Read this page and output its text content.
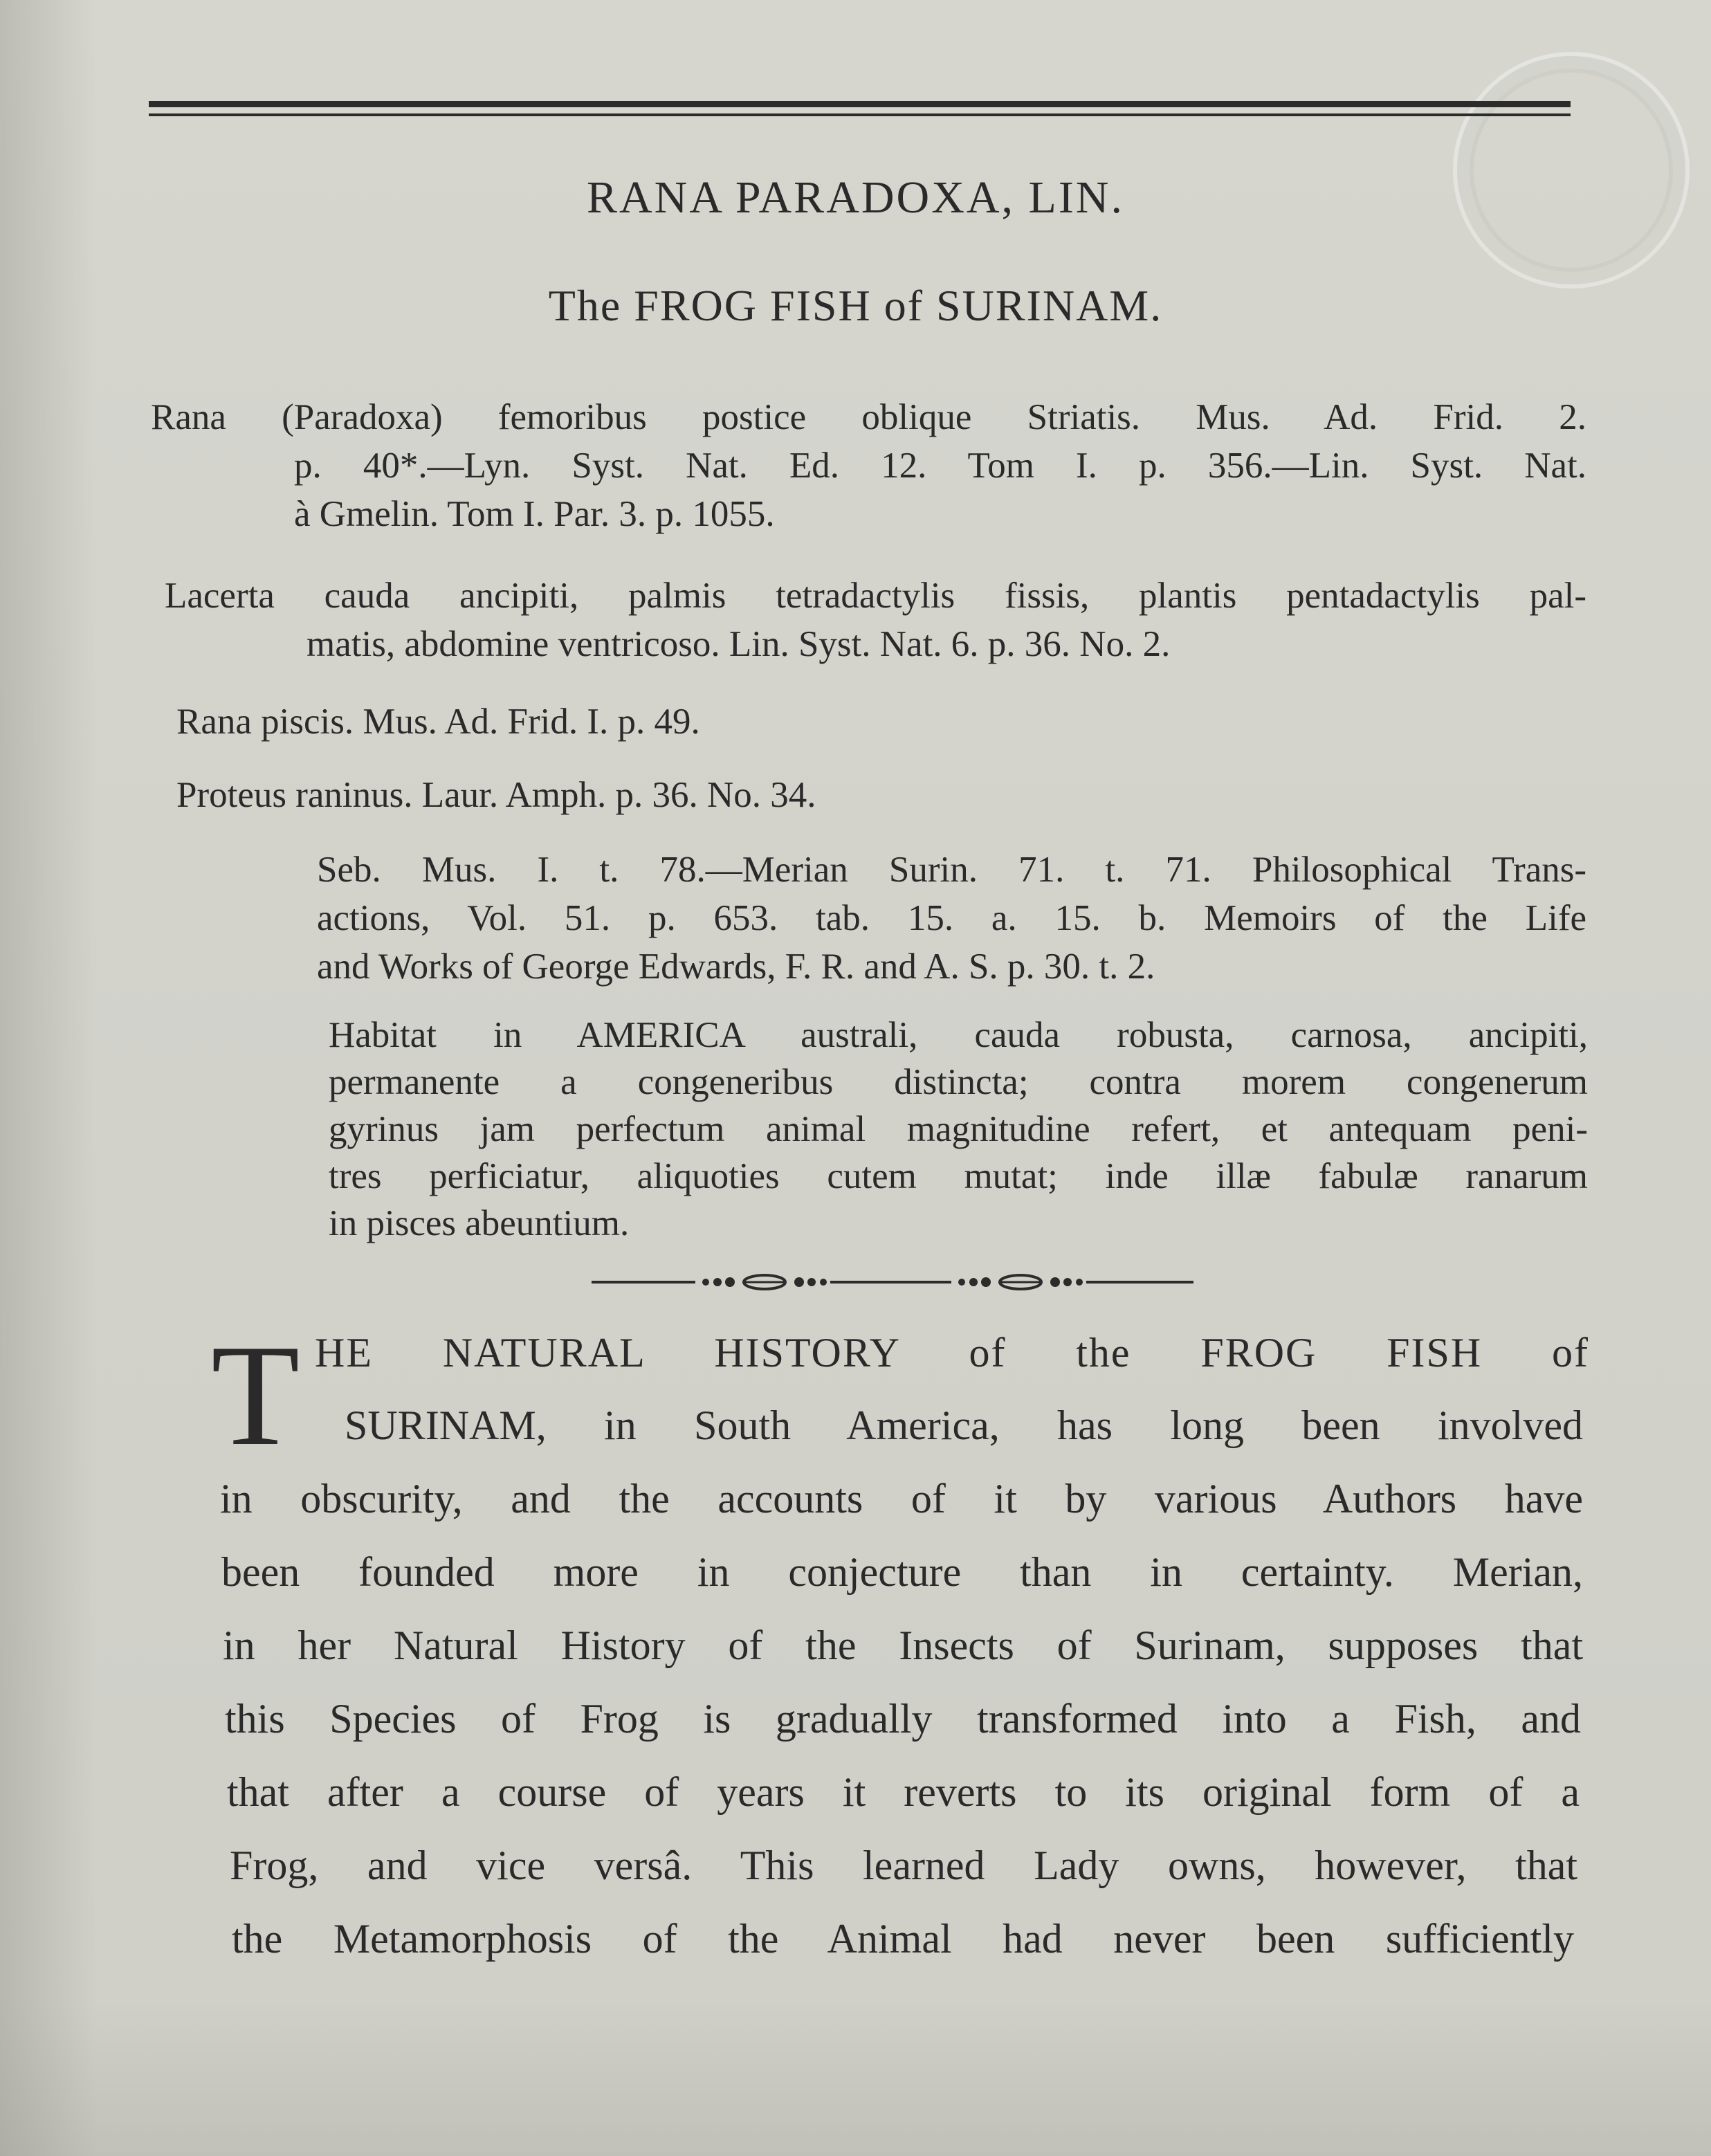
RANA PARADOXA, LIN.
The FROG FISH of SURINAM.
Rana (Paradoxa) femoribus postice oblique Striatis. Mus. Ad. Frid. 2.
p. 40*.—Lyn. Syst. Nat. Ed. 12. Tom I. p. 356.—Lin. Syst. Nat.
à Gmelin. Tom I. Par. 3. p. 1055.
Lacerta cauda ancipiti, palmis tetradactylis fissis, plantis pentadactylis pal-
matis, abdomine ventricoso. Lin. Syst. Nat. 6. p. 36. No. 2.
Rana piscis. Mus. Ad. Frid. I. p. 49.
Proteus raninus. Laur. Amph. p. 36. No. 34.
Seb. Mus. I. t. 78.—Merian Surin. 71. t. 71. Philosophical Trans-
actions, Vol. 51. p. 653. tab. 15. a. 15. b. Memoirs of the Life
and Works of George Edwards, F. R. and A. S. p. 30. t. 2.
Habitat in AMERICA australi, cauda robusta, carnosa, ancipiti,
permanente a congeneribus distincta; contra morem congenerum
gyrinus jam perfectum animal magnitudine refert, et antequam peni-
tres perficiatur, aliquoties cutem mutat; inde illæ fabulæ ranarum
in pisces abeuntium.
T HE NATURAL HISTORY of the FROG FISH of
SURINAM, in South America, has long been involved
in obscurity, and the accounts of it by various Authors have
been founded more in conjecture than in certainty. Merian,
in her Natural History of the Insects of Surinam, supposes that
this Species of Frog is gradually transformed into a Fish, and
that after a course of years it reverts to its original form of a
Frog, and vice versâ. This learned Lady owns, however, that
the Metamorphosis of the Animal had never been sufficiently
